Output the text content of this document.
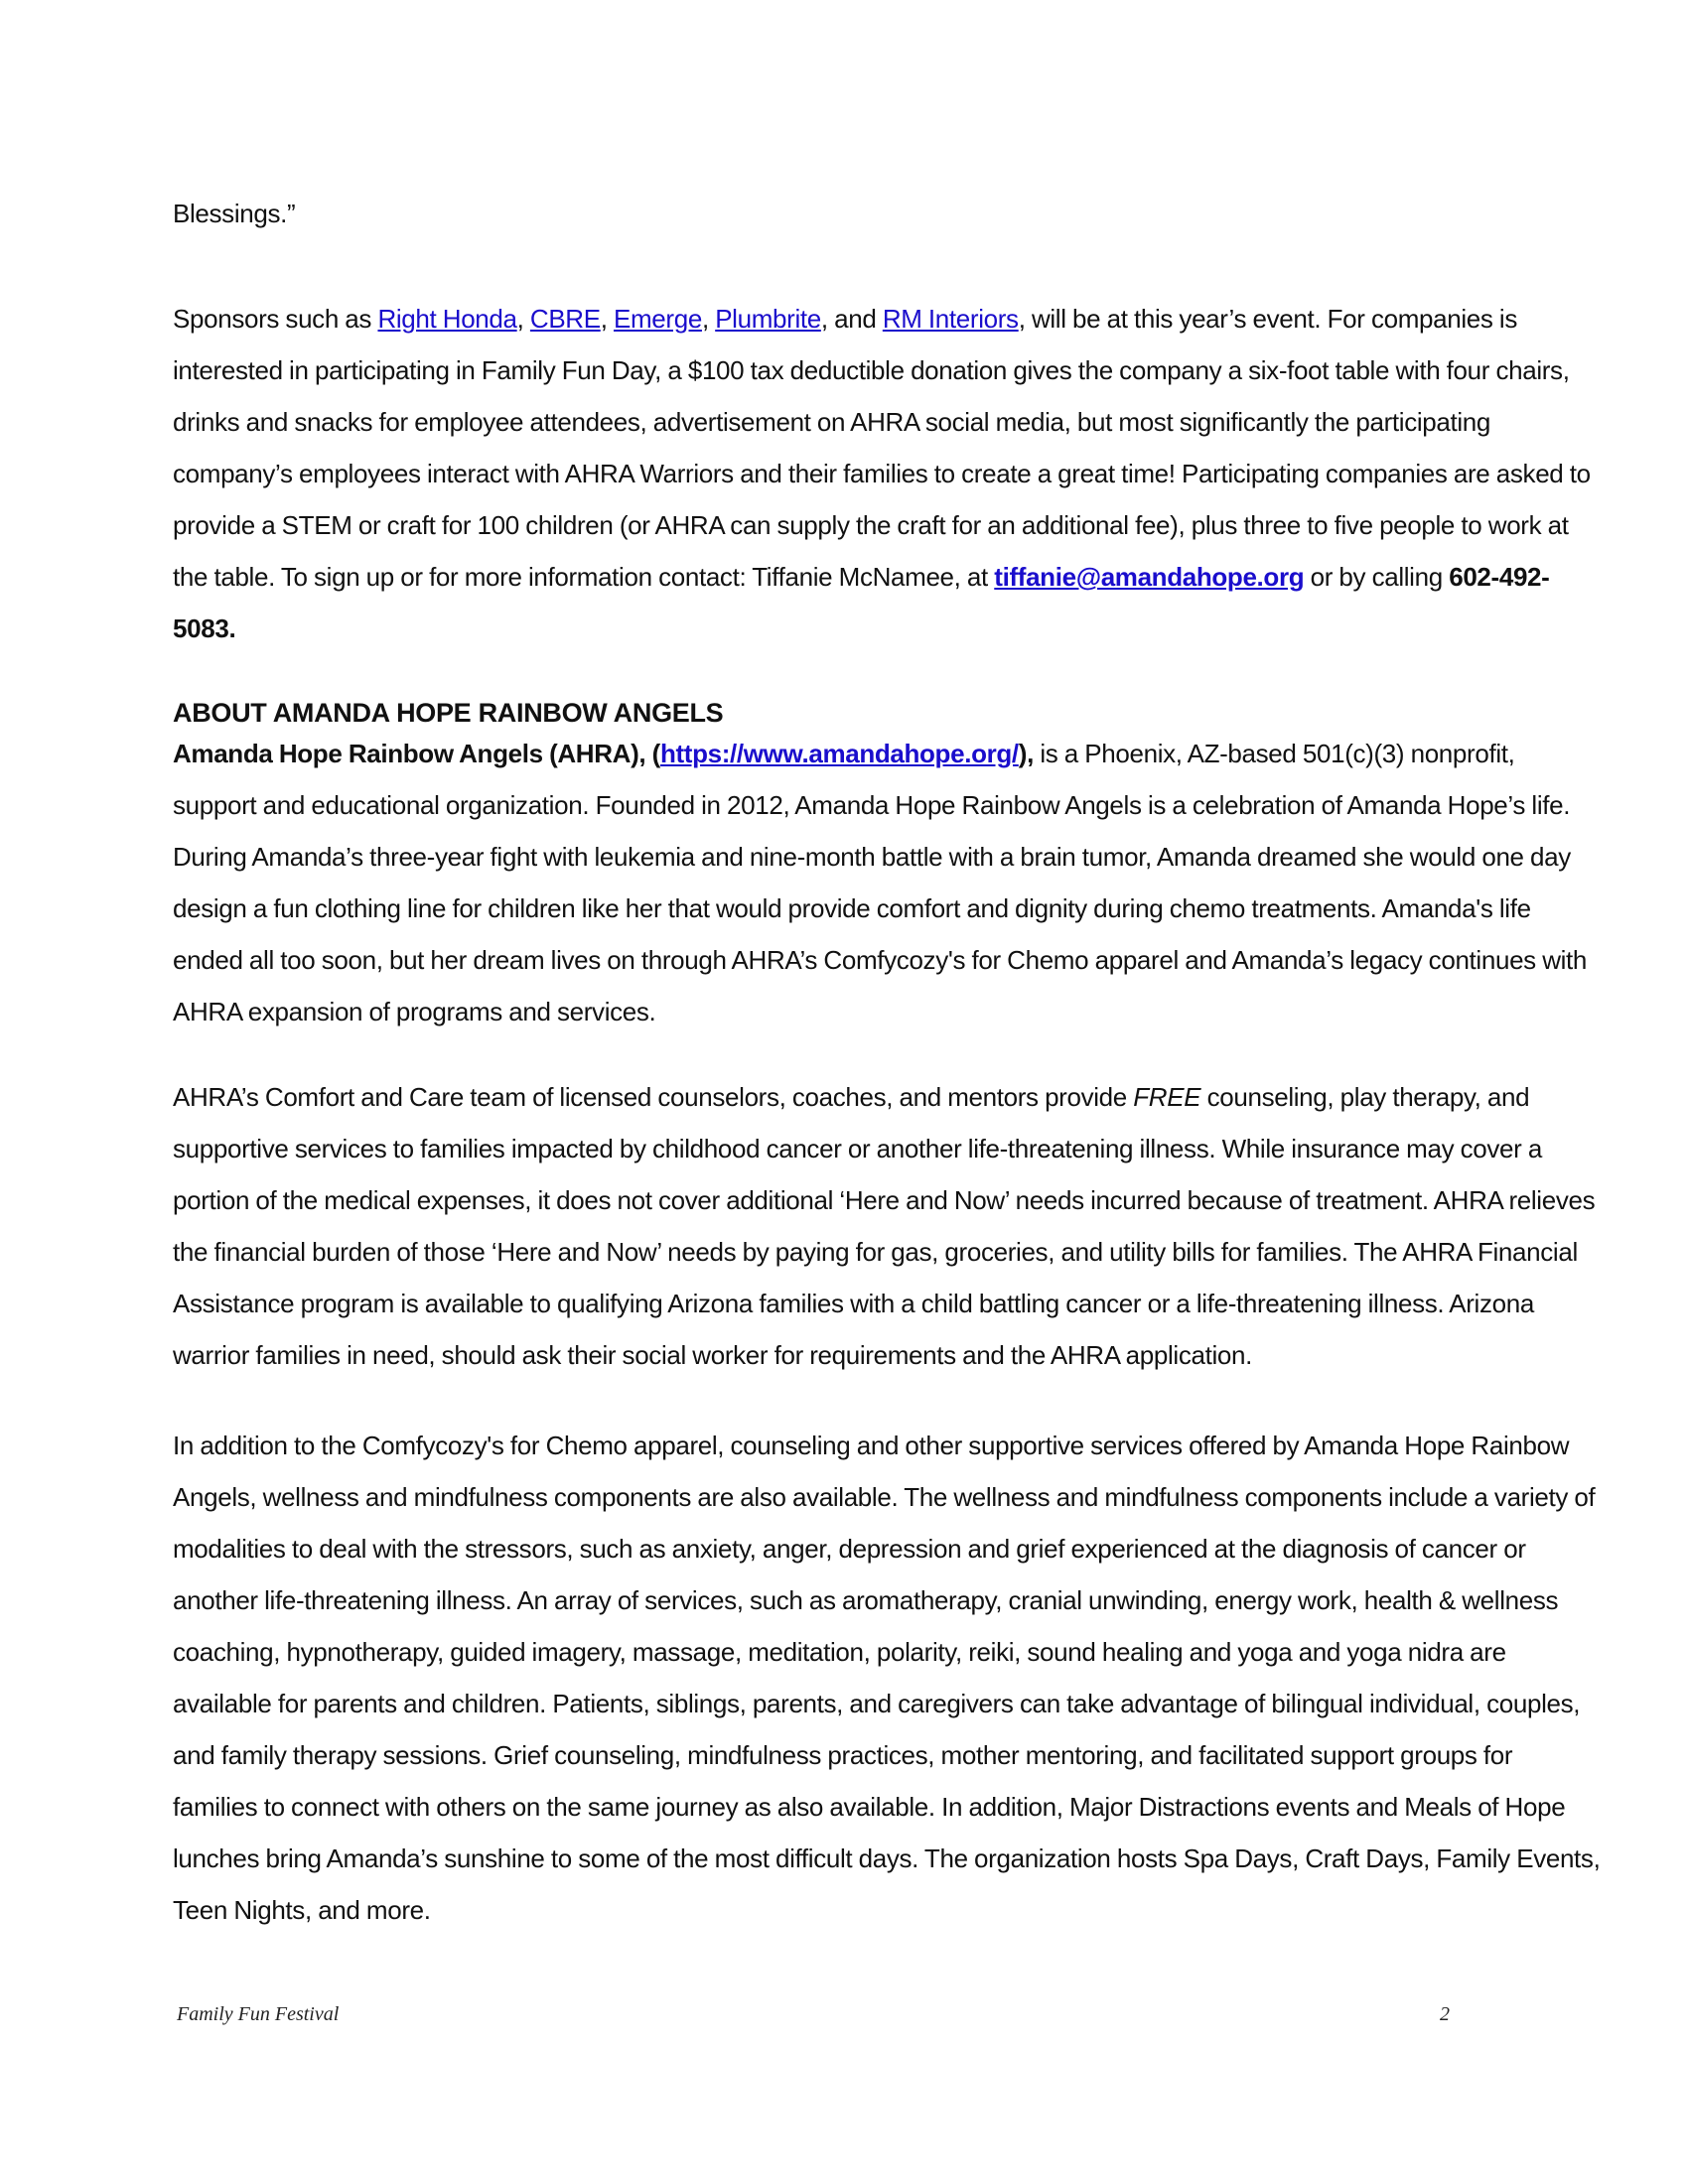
Blessings.”

Sponsors such as Right Honda, CBRE, Emerge, Plumbrite, and RM Interiors, will be at this year’s event. For companies is interested in participating in Family Fun Day, a $100 tax deductible donation gives the company a six-foot table with four chairs, drinks and snacks for employee attendees, advertisement on AHRA social media, but most significantly the participating company’s employees interact with AHRA Warriors and their families to create a great time! Participating companies are asked to provide a STEM or craft for 100 children (or AHRA can supply the craft for an additional fee), plus three to five people to work at the table. To sign up or for more information contact: Tiffanie McNamee, at tiffanie@amandahope.org or by calling 602-492-5083.

ABOUT AMANDA HOPE RAINBOW ANGELS

Amanda Hope Rainbow Angels (AHRA), (https://www.amandahope.org/), is a Phoenix, AZ-based 501(c)(3) nonprofit, support and educational organization. Founded in 2012, Amanda Hope Rainbow Angels is a celebration of Amanda Hope’s life. During Amanda’s three-year fight with leukemia and nine-month battle with a brain tumor, Amanda dreamed she would one day design a fun clothing line for children like her that would provide comfort and dignity during chemo treatments. Amanda's life ended all too soon, but her dream lives on through AHRA’s Comfycozy's for Chemo apparel and Amanda’s legacy continues with AHRA expansion of programs and services.

AHRA’s Comfort and Care team of licensed counselors, coaches, and mentors provide FREE counseling, play therapy, and supportive services to families impacted by childhood cancer or another life-threatening illness. While insurance may cover a portion of the medical expenses, it does not cover additional ‘Here and Now’ needs incurred because of treatment. AHRA relieves the financial burden of those ‘Here and Now’ needs by paying for gas, groceries, and utility bills for families. The AHRA Financial Assistance program is available to qualifying Arizona families with a child battling cancer or a life-threatening illness. Arizona warrior families in need, should ask their social worker for requirements and the AHRA application.

In addition to the Comfycozy's for Chemo apparel, counseling and other supportive services offered by Amanda Hope Rainbow Angels, wellness and mindfulness components are also available. The wellness and mindfulness components include a variety of modalities to deal with the stressors, such as anxiety, anger, depression and grief experienced at the diagnosis of cancer or another life-threatening illness. An array of services, such as aromatherapy, cranial unwinding, energy work, health & wellness coaching, hypnotherapy, guided imagery, massage, meditation, polarity, reiki, sound healing and yoga and yoga nidra are available for parents and children. Patients, siblings, parents, and caregivers can take advantage of bilingual individual, couples, and family therapy sessions. Grief counseling, mindfulness practices, mother mentoring, and facilitated support groups for families to connect with others on the same journey as also available. In addition, Major Distractions events and Meals of Hope lunches bring Amanda’s sunshine to some of the most difficult days. The organization hosts Spa Days, Craft Days, Family Events, Teen Nights, and more.

Family Fun Festival	2
